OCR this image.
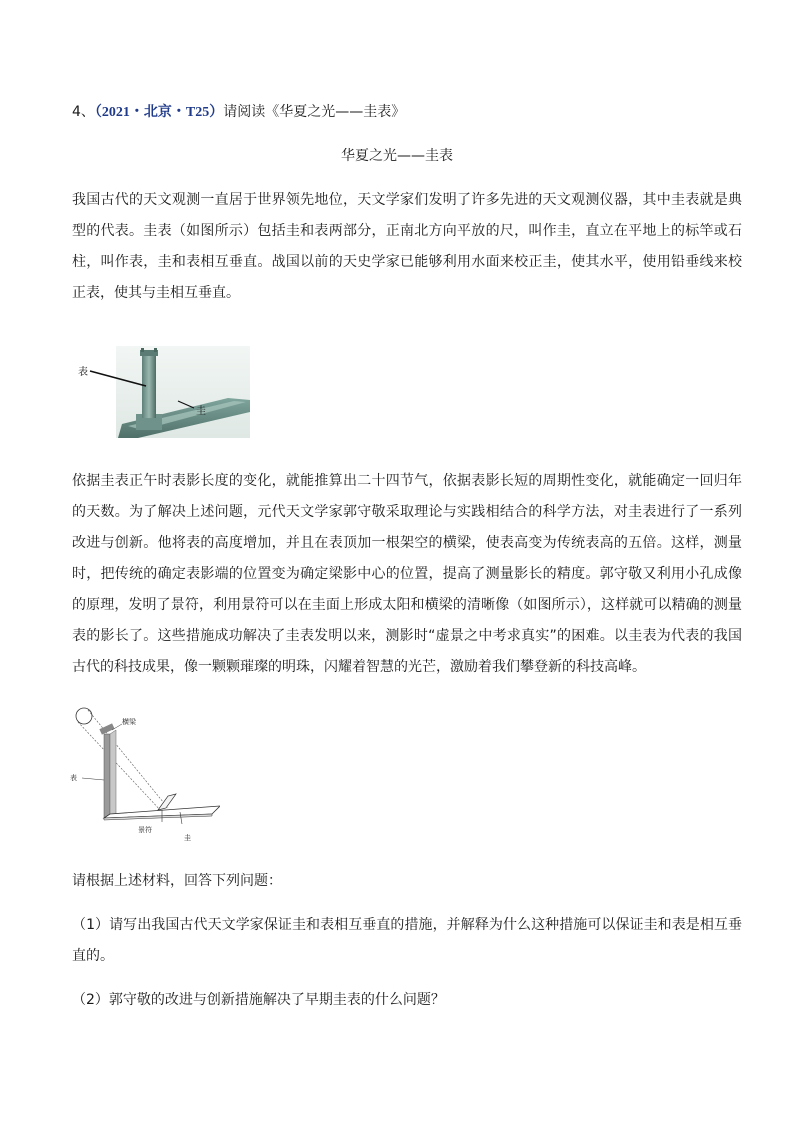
4、（2021・北京・T25）请阅读《华夏之光——圭表》
华夏之光——圭表

我国古代的天文观测一直居于世界领先地位，天文学家们发明了许多先进的天文观测仪器，其中圭表就是典型的代表。圭表（如图所示）包括圭和表两部分，正南北方向平放的尺，叫作圭，直立在平地上的标竿或石柱，叫作表，圭和表相互垂直。战国以前的天史学家已能够利用水面来校正圭，使其水平，使用铅垂线来校正表，使其与圭相互垂直。

表
圭

依据圭表正午时表影长度的变化，就能推算出二十四节气，依据表影长短的周期性变化，就能确定一回归年的天数。为了解决上述问题，元代天文学家郭守敬采取理论与实践相结合的科学方法，对圭表进行了一系列改进与创新。他将表的高度增加，并且在表顶加一根架空的横梁，使表高变为传统表高的五倍。这样，测量时，把传统的确定表影端的位置变为确定梁影中心的位置，提高了测量影长的精度。郭守敬又利用小孔成像的原理，发明了景符，利用景符可以在圭面上形成太阳和横梁的清晰像（如图所示），这样就可以精确的测量表的影长了。这些措施成功解决了圭表发明以来，测影时“虚景之中考求真实”的困难。以圭表为代表的我国古代的科技成果，像一颗颗璀璨的明珠，闪耀着智慧的光芒，激励着我们攀登新的科技高峰。

横梁
表
景符
圭

请根据上述材料，回答下列问题：

（1）请写出我国古代天文学家保证圭和表相互垂直的措施，并解释为什么这种措施可以保证圭和表是相互垂直的。

（2）郭守敬的改进与创新措施解决了早期圭表的什么问题？
